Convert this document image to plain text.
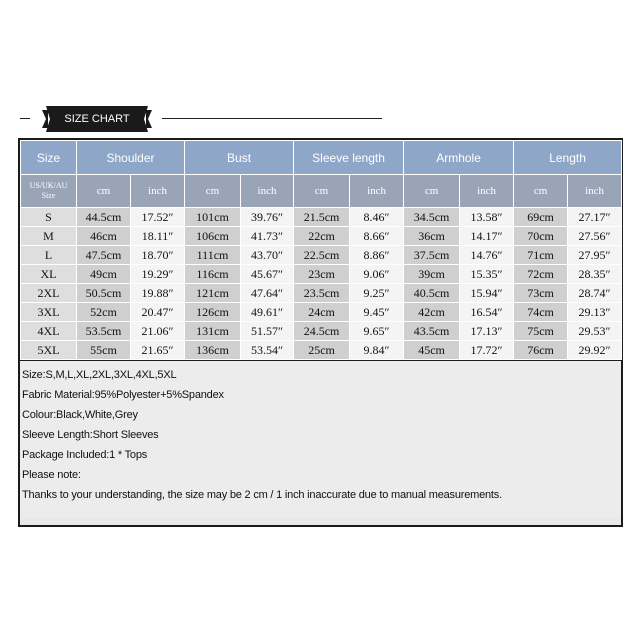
SIZE CHART
Size	Shoulder		Bust		Sleeve length		Armhole		Length	

US/UK/AU
Size	cm	inch	cm	inch	cm	inch	cm	inch	cm	inch
S	44.5cm	17.52″	101cm	39.76″	21.5cm	8.46″	34.5cm	13.58″	69cm	27.17″
M	46cm	18.11″	106cm	41.73″	22cm	8.66″	36cm	14.17″	70cm	27.56″
L	47.5cm	18.70″	111cm	43.70″	22.5cm	8.86″	37.5cm	14.76″	71cm	27.95″
XL	49cm	19.29″	116cm	45.67″	23cm	9.06″	39cm	15.35″	72cm	28.35″
2XL	50.5cm	19.88″	121cm	47.64″	23.5cm	9.25″	40.5cm	15.94″	73cm	28.74″
3XL	52cm	20.47″	126cm	49.61″	24cm	9.45″	42cm	16.54″	74cm	29.13″
4XL	53.5cm	21.06″	131cm	51.57″	24.5cm	9.65″	43.5cm	17.13″	75cm	29.53″
5XL	55cm	21.65″	136cm	53.54″	25cm	9.84″	45cm	17.72″	76cm	29.92″
Size:S,M,L,XL,2XL,3XL,4XL,5XL
Fabric Material:95%Polyester+5%Spandex
Colour:Black,White,Grey
Sleeve Length:Short Sleeves
Package Included:1 * Tops
Please note:
Thanks to your understanding, the size may be 2 cm / 1 inch inaccurate due to manual measurements.
